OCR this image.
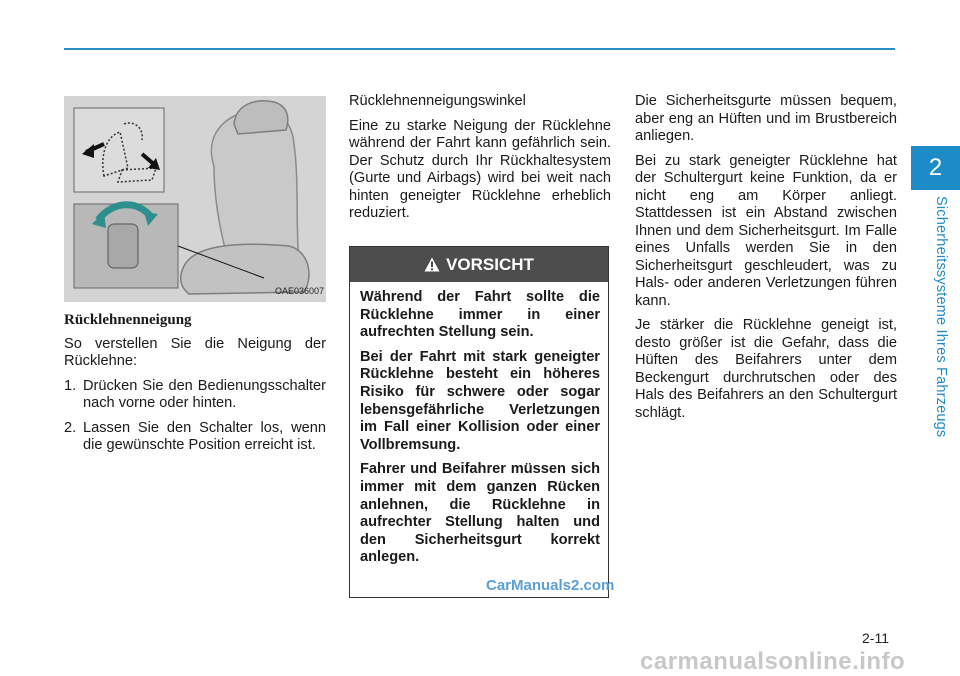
2
Sicherheitssysteme Ihres Fahrzeugs
OAE036007
Rücklehnenneigung

So verstellen Sie die Neigung der Rücklehne:

1. Drücken Sie den Bedienungsschalter nach vorne oder hinten.
2. Lassen Sie den Schalter los, wenn die gewünschte Position erreicht ist.

Rücklehnenneigungswinkel

Eine zu starke Neigung der Rücklehne während der Fahrt kann gefährlich sein. Der Schutz durch Ihr Rückhaltesystem (Gurte und Airbags) wird bei weit nach hinten geneigter Rücklehne erheblich reduziert.

VORSICHT

Während der Fahrt sollte die Rücklehne immer in einer aufrechten Stellung sein.

Bei der Fahrt mit stark geneigter Rücklehne besteht ein höheres Risiko für schwere oder sogar lebensgefährliche Verletzungen im Fall einer Kollision oder einer Vollbremsung.

Fahrer und Beifahrer müssen sich immer mit dem ganzen Rücken anlehnen, die Rücklehne in aufrechter Stellung halten und den Sicherheitsgurt korrekt anlegen.

CarManuals2.com

Die Sicherheitsgurte müssen bequem, aber eng an Hüften und im Brustbereich anliegen.

Bei zu stark geneigter Rücklehne hat der Schultergurt keine Funktion, da er nicht eng am Körper anliegt. Stattdessen ist ein Abstand zwischen Ihnen und dem Sicherheitsgurt. Im Falle eines Unfalls werden Sie in den Sicherheitsgurt geschleudert, was zu Hals- oder anderen Verletzungen führen kann.

Je stärker die Rücklehne geneigt ist, desto größer ist die Gefahr, dass die Hüften des Beifahrers unter dem Beckengurt durchrutschen oder des Hals des Beifahrers an den Schultergurt schlägt.

2-11
carmanualsonline.info
